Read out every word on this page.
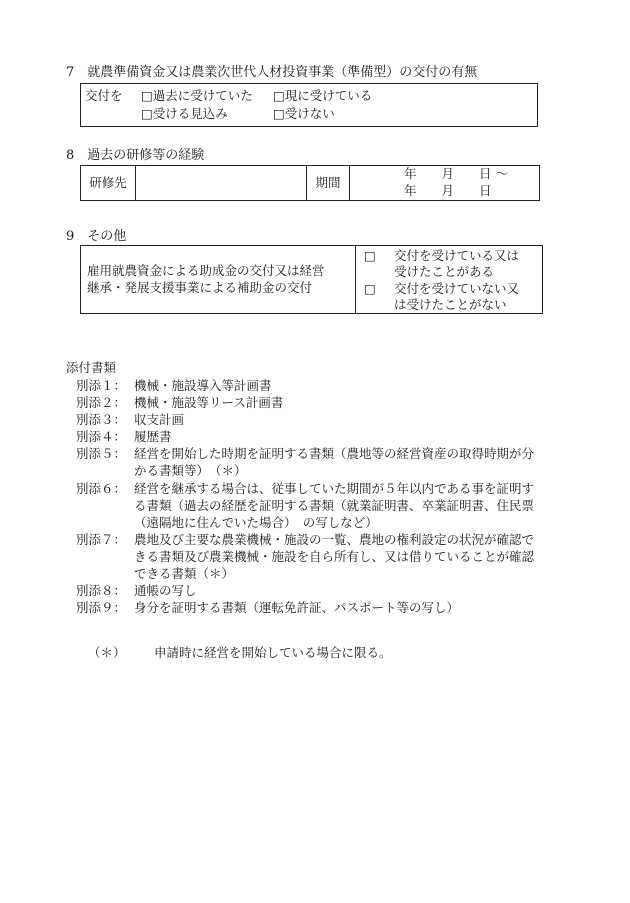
7　就農準備資金又は農業次世代人材投資事業（準備型）の交付の有無
交付を □過去に受けていた □現に受けている
□受ける見込み	□受けない
8　過去の研修等の経験
研修先		期間	
年　　月　　日 〜
年　　月　　日
9　その他
雇用就農資金による助成金の交付又は経営
継承・発展支援事業による補助金の交付

□ 交付を受けている又は
受けたことがある
□ 交付を受けていない又
は受けたことがない
添付書類
別添１： 機械・施設導入等計画書
別添２： 機械・施設等リース計画書
別添３： 収支計画
別添４： 履歴書
別添５： 経営を開始した時期を証明する書類（農地等の経営資産の取得時期が分
かる書類等）　（＊）
別添６： 経営を継承する場合は、従事していた期間が５年以内である事を証明す
る書類（過去の経歴を証明する書類（就業証明書、卒業証明書、住民票
（遠隔地に住んでいた場合）　の写しなど）
別添７： 農地及び主要な農業機械・施設の一覧、農地の権利設定の状況が確認で
きる書類及び農業機械・施設を自ら所有し、又は借りていることが確認
できる書類（＊）
別添８： 通帳の写し
別添９： 身分を証明する書類（運転免許証、パスポート等の写し）
（＊） 申請時に経営を開始している場合に限る。
